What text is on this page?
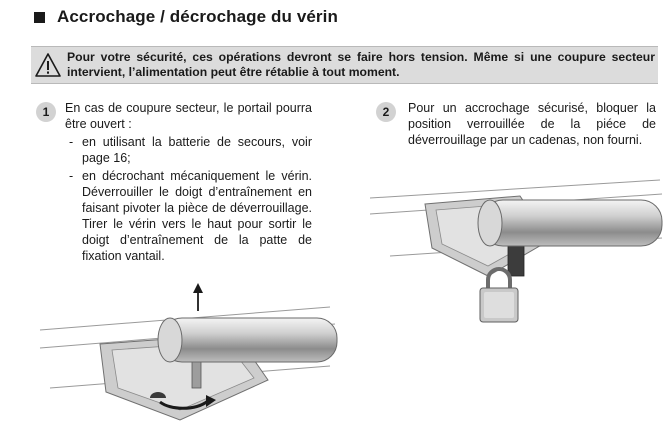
Accrochage / décrochage du vérin
Pour votre sécurité, ces opérations devront se faire hors tension. Même si une coupure secteur intervient, l’alimentation peut être rétablie à tout moment.
1	En cas de coupure secteur, le portail pourra être ouvert :

- en utilisant la batterie de secours, voir page 16;
- en décrochant mécaniquement le vérin. Déverrouiller le doigt d’entraînement en faisant pivoter la pièce de déverrouillage. Tirer le vérin vers le haut pour sortir le doigt d’entraînement de la patte de fixation vantail.
2	Pour un accrochage sécurisé, bloquer la position verrouillée de la piéce de déverrouillage par un cadenas, non fourni.
